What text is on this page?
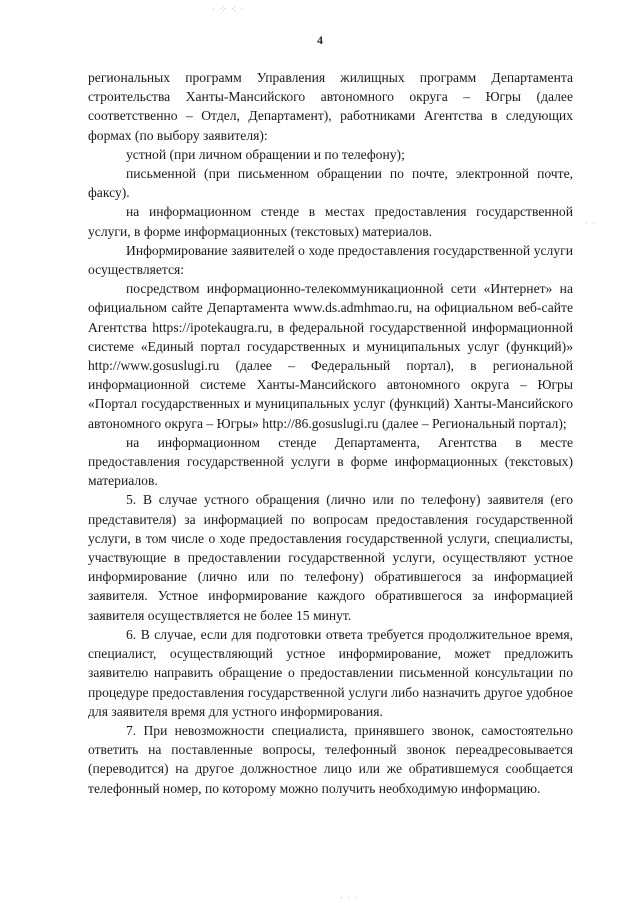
· ⁘ ⁖ ·
· ·
· · ·
4

региональных программ Управления жилищных программ Департамента строительства Ханты-Мансийского автономного округа – Югры (далее соответственно – Отдел, Департамент), работниками Агентства в следующих формах (по выбору заявителя):

устной (при личном обращении и по телефону);

письменной (при письменном обращении по почте, электронной почте, факсу).

на информационном стенде в местах предоставления государственной услуги, в форме информационных (текстовых) материалов.

Информирование заявителей о ходе предоставления государственной услуги осуществляется:

посредством информационно-телекоммуникационной сети «Интернет» на официальном сайте Департамента www.ds.admhmao.ru, на официальном веб-сайте Агентства https://ipotekaugra.ru, в федеральной государственной информационной системе «Единый портал государственных и муниципальных услуг (функций)» http://www.gosuslugi.ru (далее – Федеральный портал), в региональной информационной системе Ханты-Мансийского автономного округа – Югры «Портал государственных и муниципальных услуг (функций) Ханты-Мансийского автономного округа – Югры» http://86.gosuslugi.ru (далее – Региональный портал);

на информационном стенде Департамента, Агентства в месте предоставления государственной услуги в форме информационных (текстовых) материалов.

5. В случае устного обращения (лично или по телефону) заявителя (его представителя) за информацией по вопросам предоставления государственной услуги, в том числе о ходе предоставления государственной услуги, специалисты, участвующие в предоставлении государственной услуги, осуществляют устное информирование (лично или по телефону) обратившегося за информацией заявителя. Устное информирование каждого обратившегося за информацией заявителя осуществляется не более 15 минут.

6. В случае, если для подготовки ответа требуется продолжительное время, специалист, осуществляющий устное информирование, может предложить заявителю направить обращение о предоставлении письменной консультации по процедуре предоставления государственной услуги либо назначить другое удобное для заявителя время для устного информирования.

7. При невозможности специалиста, принявшего звонок, самостоятельно ответить на поставленные вопросы, телефонный звонок переадресовывается (переводится) на другое должностное лицо или же обратившемуся сообщается телефонный номер, по которому можно получить необходимую информацию.
